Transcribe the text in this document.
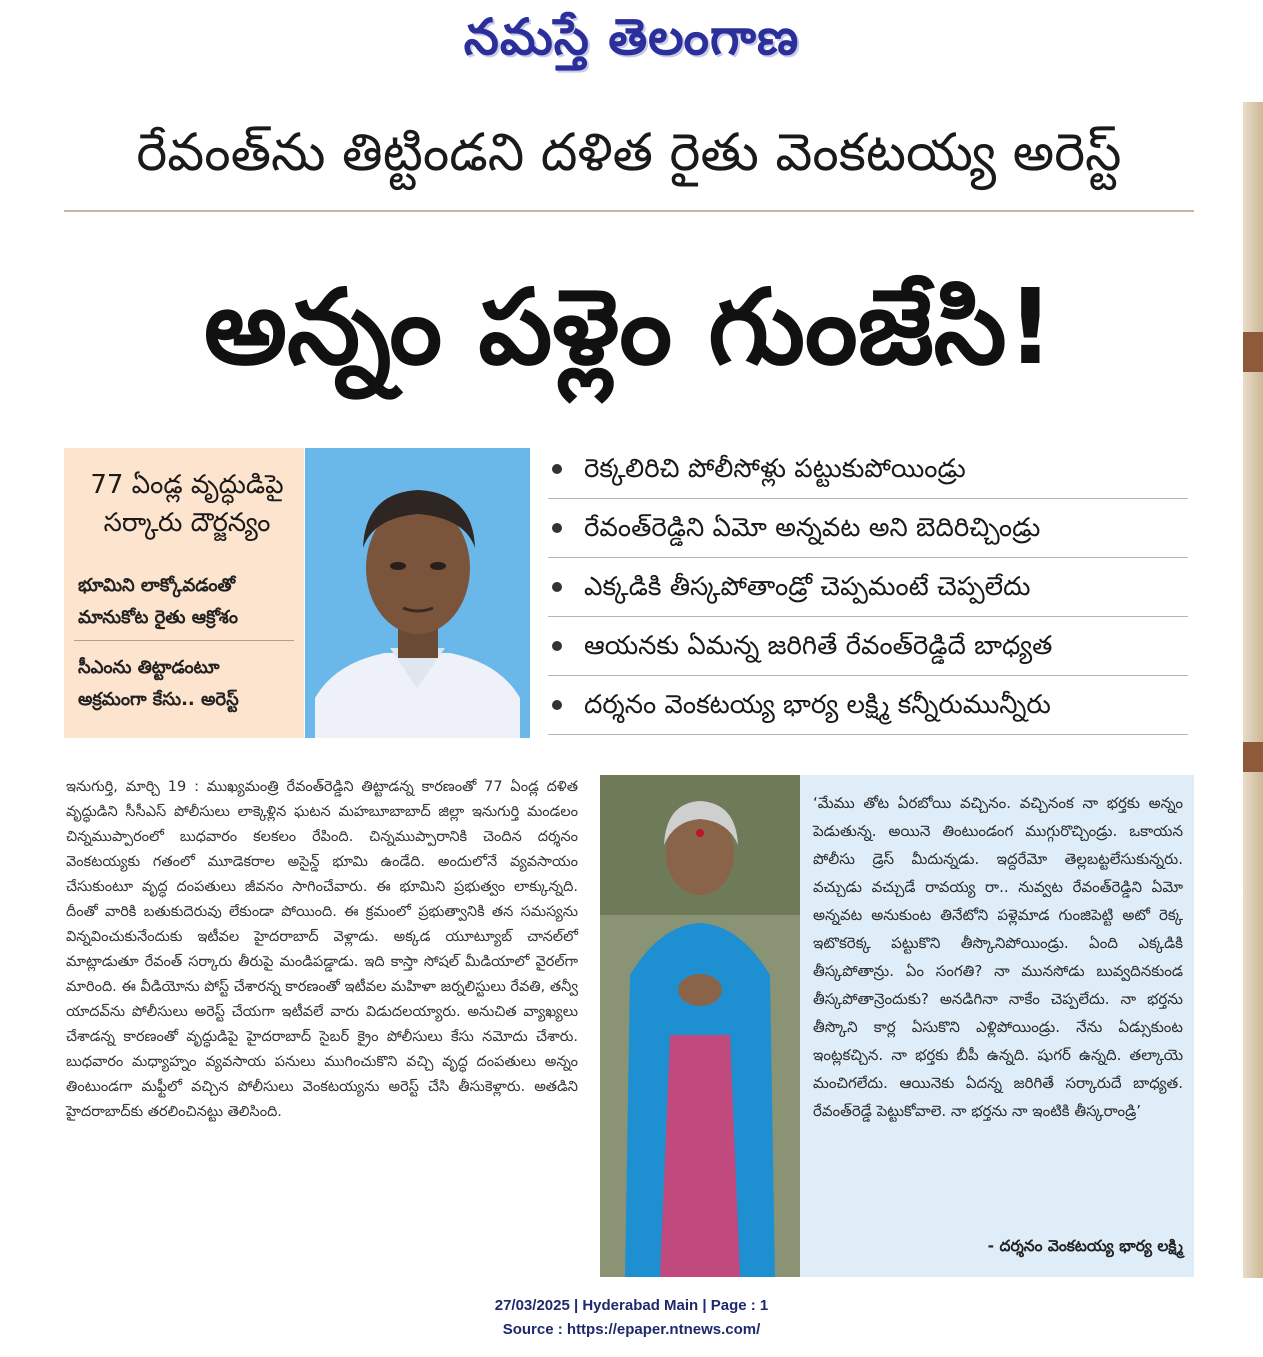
నమస్తే తెలంగాణ
రేవంత్‌ను తిట్టిండని దళిత రైతు వెంకటయ్య అరెస్ట్
అన్నం పళ్లెం గుంజేసి!
77 ఏండ్ల వృద్ధుడిపై
సర్కారు దౌర్జన్యం
భూమిని లాక్కోవడంతో
మానుకోట రైతు ఆక్రోశం
సీఎంను తిట్టాడంటూ
అక్రమంగా కేసు.. అరెస్ట్
రెక్కలిరిచి పోలీసోళ్లు పట్టుకుపోయిండ్రు
రేవంత్‌రెడ్డిని ఏమో అన్నవట అని బెదిరిచ్చిండ్రు
ఎక్కడికి తీస్కపోతాండ్రో చెప్పమంటే చెప్పలేదు
ఆయనకు ఏమన్న జరిగితే రేవంత్‌రెడ్డిదే బాధ్యత
దర్శనం వెంకటయ్య భార్య లక్ష్మి కన్నీరుమున్నీరు
ఇనుగుర్తి, మార్చి 19 : ముఖ్యమంత్రి రేవంత్‌రెడ్డిని తిట్టాడన్న కారణంతో 77 ఏండ్ల దళిత వృద్ధుడిని సీసీఎస్ పోలీసులు లాక్కెళ్లిన ఘటన మహబూబాబాద్ జిల్లా ఇనుగుర్తి మండలం చిన్నముప్పారంలో బుధవారం కలకలం రేపింది. చిన్నముప్పారానికి చెందిన దర్శనం వెంకటయ్యకు గతంలో మూడెకరాల అసైన్డ్ భూమి ఉండేది. అందులోనే వ్యవసాయం చేసుకుంటూ వృద్ధ దంపతులు జీవనం సాగించేవారు. ఈ భూమిని ప్రభుత్వం లాక్కున్నది. దీంతో వారికి బతుకుదెరువు లేకుండా పోయింది. ఈ క్రమంలో ప్రభుత్వానికి తన సమస్యను విన్నవించుకునేందుకు ఇటీవల హైదరాబాద్ వెళ్లాడు. అక్కడ యూట్యూబ్ చానల్‌లో మాట్లాడుతూ రేవంత్ సర్కారు తీరుపై మండిపడ్డాడు. ఇది కాస్తా సోషల్ మీడియాలో వైరల్‌గా మారింది. ఈ వీడియోను పోస్ట్ చేశారన్న కారణంతో ఇటీవల మహిళా జర్నలిస్టులు రేవతి, తన్వీ యాదవ్‌ను పోలీసులు అరెస్ట్ చేయగా ఇటీవలే వారు విడుదలయ్యారు. అనుచిత వ్యాఖ్యలు చేశాడన్న కారణంతో వృద్ధుడిపై హైదరాబాద్ సైబర్ క్రైం పోలీసులు కేసు నమోదు చేశారు. బుధవారం మధ్యాహ్నం వ్యవసాయ పనులు ముగించుకొని వచ్చి వృద్ధ దంపతులు అన్నం తింటుండగా మఫ్టీలో వచ్చిన పోలీసులు వెంకటయ్యను అరెస్ట్ చేసి తీసుకెళ్లారు. అతడిని హైదరాబాద్‌కు తరలించినట్టు తెలిసింది.
‘మేము తోట ఏరబోయి వచ్చినం. వచ్చినంక నా భర్తకు అన్నం పెడుతున్న. అయినె తింటుండంగ ముగ్గురొచ్చిండ్రు. ఒకాయన పోలీసు డ్రెస్ మీదున్నడు. ఇద్దరేమో తెల్లబట్టలేసుకున్నరు. వచ్చుడు వచ్చుడే రావయ్య రా.. నువ్వట రేవంత్‌రెడ్డిని ఏమో అన్నవట అనుకుంట తినేటోని పళ్లెమాడ గుంజిపెట్టి అటో రెక్క ఇటొకరెక్క పట్టుకొని తీస్కొనిపోయిండ్రు. ఏంది ఎక్కడికి తీస్కపోతాన్రు. ఏం సంగతి? నా మునసోడు బువ్వదినకుండ తీస్కపోతాన్రెందుకు? అనడిగినా నాకేం చెప్పలేదు. నా భర్తను తీస్కొని కార్ల ఏసుకొని ఎళ్లిపోయిండ్రు. నేను ఏడ్సుకుంట ఇంట్లకచ్చిన. నా భర్తకు బీపీ ఉన్నది. షుగర్ ఉన్నది. తల్కాయె మంచిగలేదు. ఆయినెకు ఏదన్న జరిగితే సర్కారుదే బాధ్యత. రేవంత్‌రెడ్డే పెట్టుకోవాలె. నా భర్తను నా ఇంటికి తీస్కరాండ్రి’
- దర్శనం వెంకటయ్య భార్య లక్ష్మి
27/03/2025 | Hyderabad Main | Page : 1
Source : https://epaper.ntnews.com/
